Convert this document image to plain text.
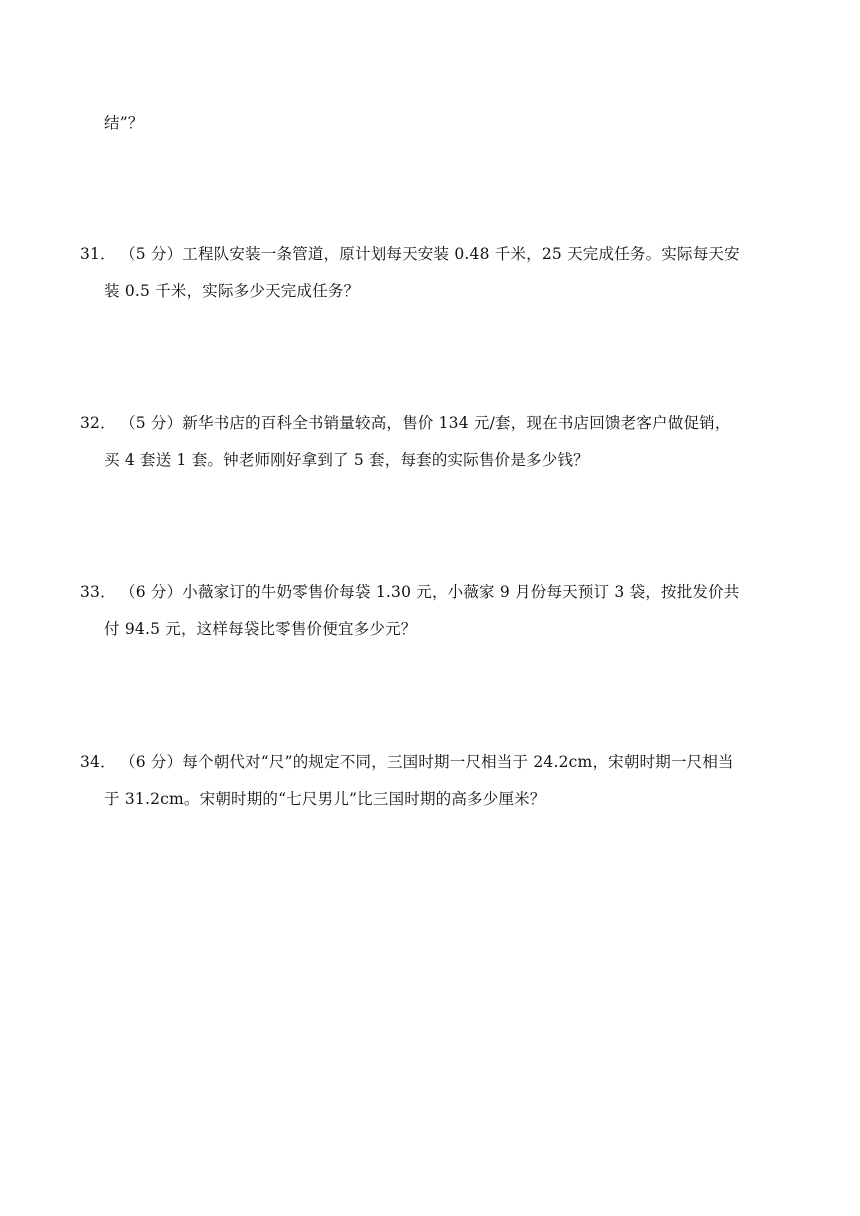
结”？
31． （5 分）工程队安装一条管道，原计划每天安装 0.48 千米，25 天完成任务。实际每天安
装 0.5 千米，实际多少天完成任务？
32． （5 分）新华书店的百科全书销量较高，售价 134 元/套，现在书店回馈老客户做促销，
买 4 套送 1 套。钟老师刚好拿到了 5 套，每套的实际售价是多少钱？
33． （6 分）小薇家订的牛奶零售价每袋 1.30 元，小薇家 9 月份每天预订 3 袋，按批发价共
付 94.5 元，这样每袋比零售价便宜多少元？
34． （6 分）每个朝代对“尺”的规定不同，三国时期一尺相当于 24.2cm，宋朝时期一尺相当
于 31.2cm。宋朝时期的“七尺男儿”比三国时期的高多少厘米？
